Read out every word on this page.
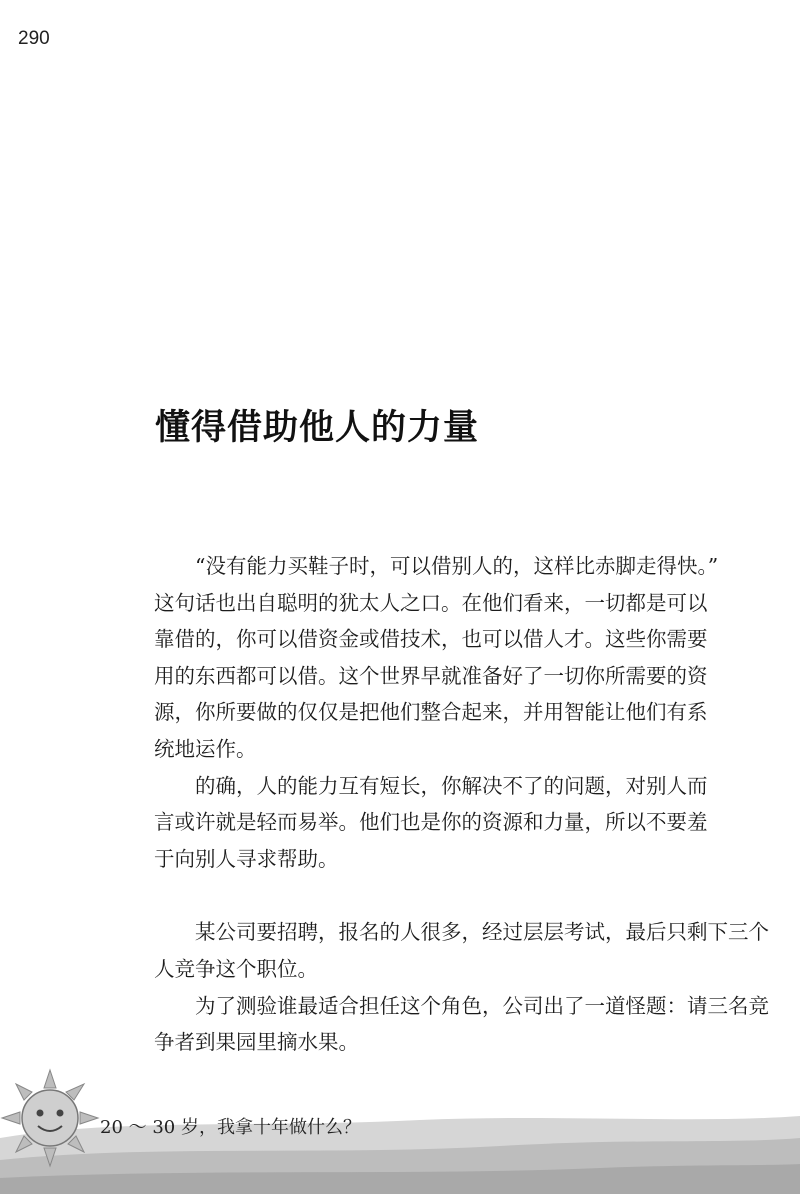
290
懂得借助他人的力量
　　“没有能力买鞋子时，可以借别人的，这样比赤脚走得快。”
这句话也出自聪明的犹太人之口。在他们看来，一切都是可以
靠借的，你可以借资金或借技术，也可以借人才。这些你需要
用的东西都可以借。这个世界早就准备好了一切你所需要的资
源，你所要做的仅仅是把他们整合起来，并用智能让他们有系
统地运作。
　　的确，人的能力互有短长，你解决不了的问题，对别人而
言或许就是轻而易举。他们也是你的资源和力量，所以不要羞
于向别人寻求帮助。
　　某公司要招聘，报名的人很多，经过层层考试，最后只剩下三个
人竞争这个职位。
　　为了测验谁最适合担任这个角色，公司出了一道怪题：请三名竞
争者到果园里摘水果。
20 ～ 30 岁，我拿十年做什么？
